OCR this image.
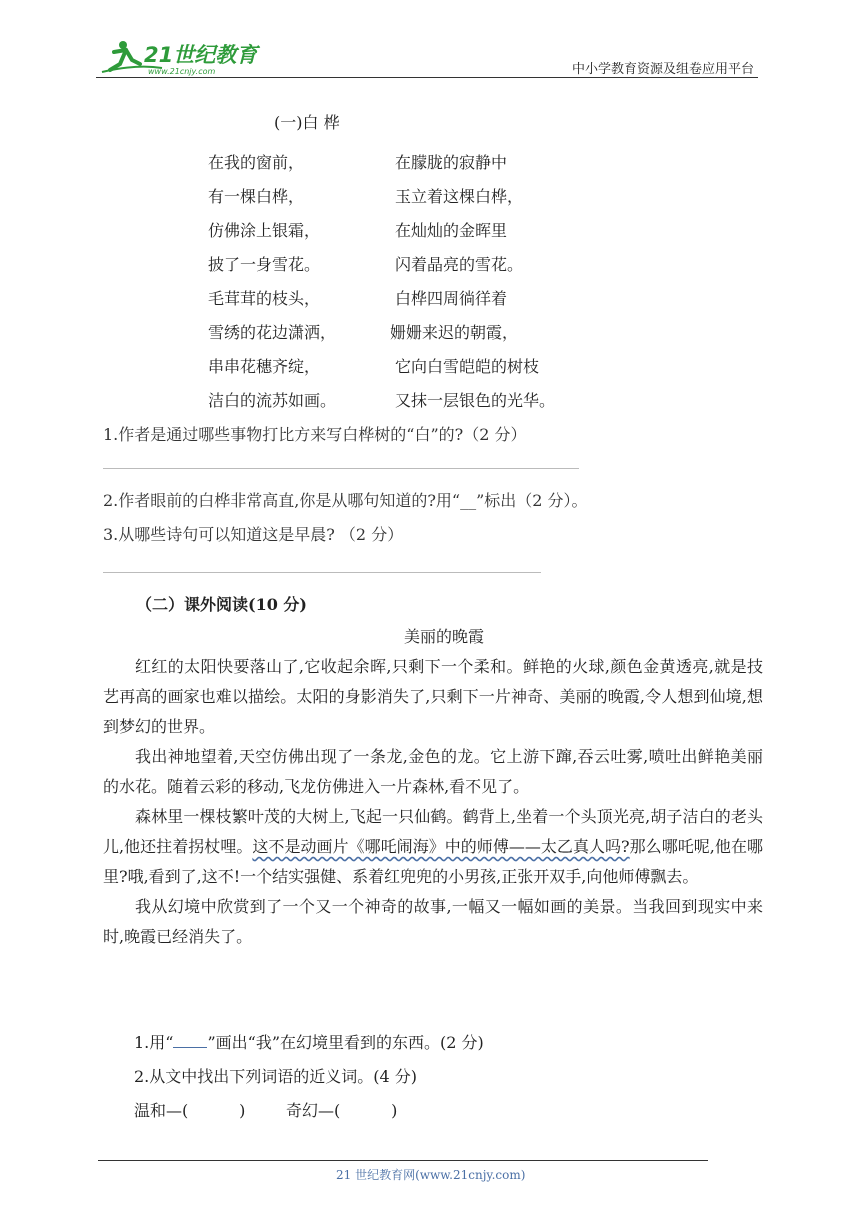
21世纪教育
www.21cnjy.com	中小学教育资源及组卷应用平台
(一)白 桦
在我的窗前，
有一棵白桦，
仿佛涂上银霜，
披了一身雪花。
毛茸茸的枝头，
雪绣的花边潇洒，
串串花穗齐绽，
洁白的流苏如画。
在朦胧的寂静中
玉立着这棵白桦，
在灿灿的金晖里
闪着晶亮的雪花。
白桦四周徜徉着
姗姗来迟的朝霞，
它向白雪皑皑的树枝
又抹一层银色的光华。
1.作者是通过哪些事物打比方来写白桦树的“白”的?（2 分）
2.作者眼前的白桦非常高直,你是从哪句知道的?用“__”标出（2 分）。
3.从哪些诗句可以知道这是早晨? （2 分）
（二）课外阅读(10 分)
美丽的晚霞

红红的太阳快要落山了,它收起余晖,只剩下一个柔和。鲜艳的火球,颜色金黄透亮,就是技艺再高的画家也难以描绘。太阳的身影消失了,只剩下一片神奇、美丽的晚霞,令人想到仙境,想到梦幻的世界。

我出神地望着,天空仿佛出现了一条龙,金色的龙。它上游下蹿,吞云吐雾,喷吐出鲜艳美丽的水花。随着云彩的移动,飞龙仿佛进入一片森林,看不见了。

森林里一棵枝繁叶茂的大树上,飞起一只仙鹤。鹤背上,坐着一个头顶光亮,胡子洁白的老头儿,他还拄着拐杖哩。这不是动画片《哪吒闹海》中的师傅——太乙真人吗?那么哪吒呢,他在哪里?哦,看到了,这不!一个结实强健、系着红兜兜的小男孩,正张开双手,向他师傅飘去。

我从幻境中欣赏到了一个又一个神奇的故事,一幅又一幅如画的美景。当我回到现实中来时,晚霞已经消失了。

1.用“ ”画出“我”在幻境里看到的东西。(2 分)
2.从文中找出下列词语的近义词。(4 分)
温和—(          )        奇幻—(          )
21 世纪教育网(www.21cnjy.com)
